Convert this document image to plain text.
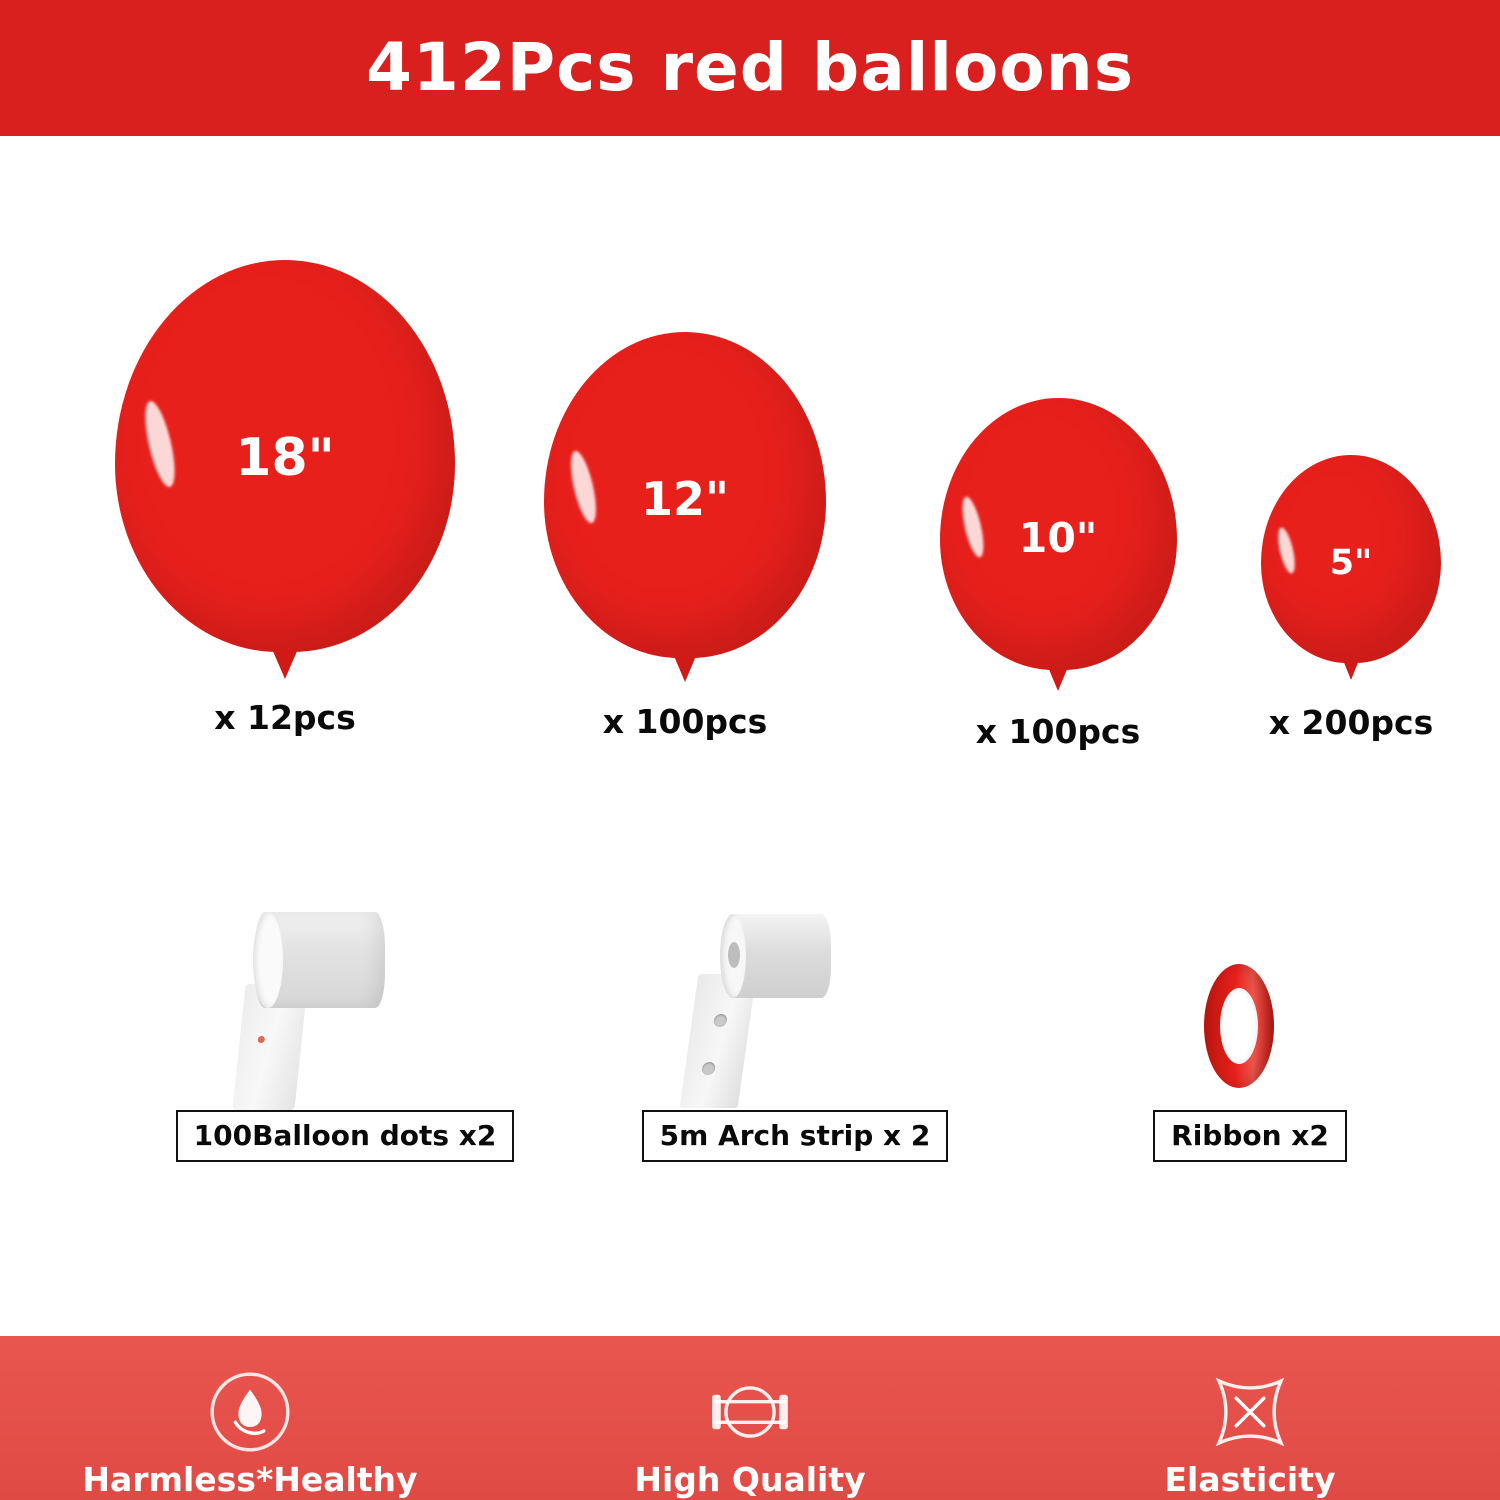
412Pcs red balloons
18"
x 12pcs
12"
x 100pcs
10"
x 100pcs
5"
x 200pcs
100Balloon dots x2	5m Arch strip x 2	Ribbon x2
Harmless*Healthy	High Quality	Elasticity
